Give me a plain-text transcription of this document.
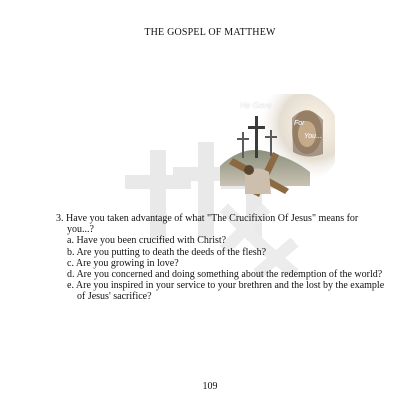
THE GOSPEL OF MATTHEW
He Gave
For
You...

3. Have you taken advantage of what "The Crucifixion Of Jesus" means for you...?

a. Have you been crucified with Christ?
b. Are you putting to death the deeds of the flesh?
c. Are you growing in love?
d. Are you concerned and doing something about the redemption of the world?
e. Are you inspired in your service to your brethren and the lost by the example of Jesus' sacrifice?
109
